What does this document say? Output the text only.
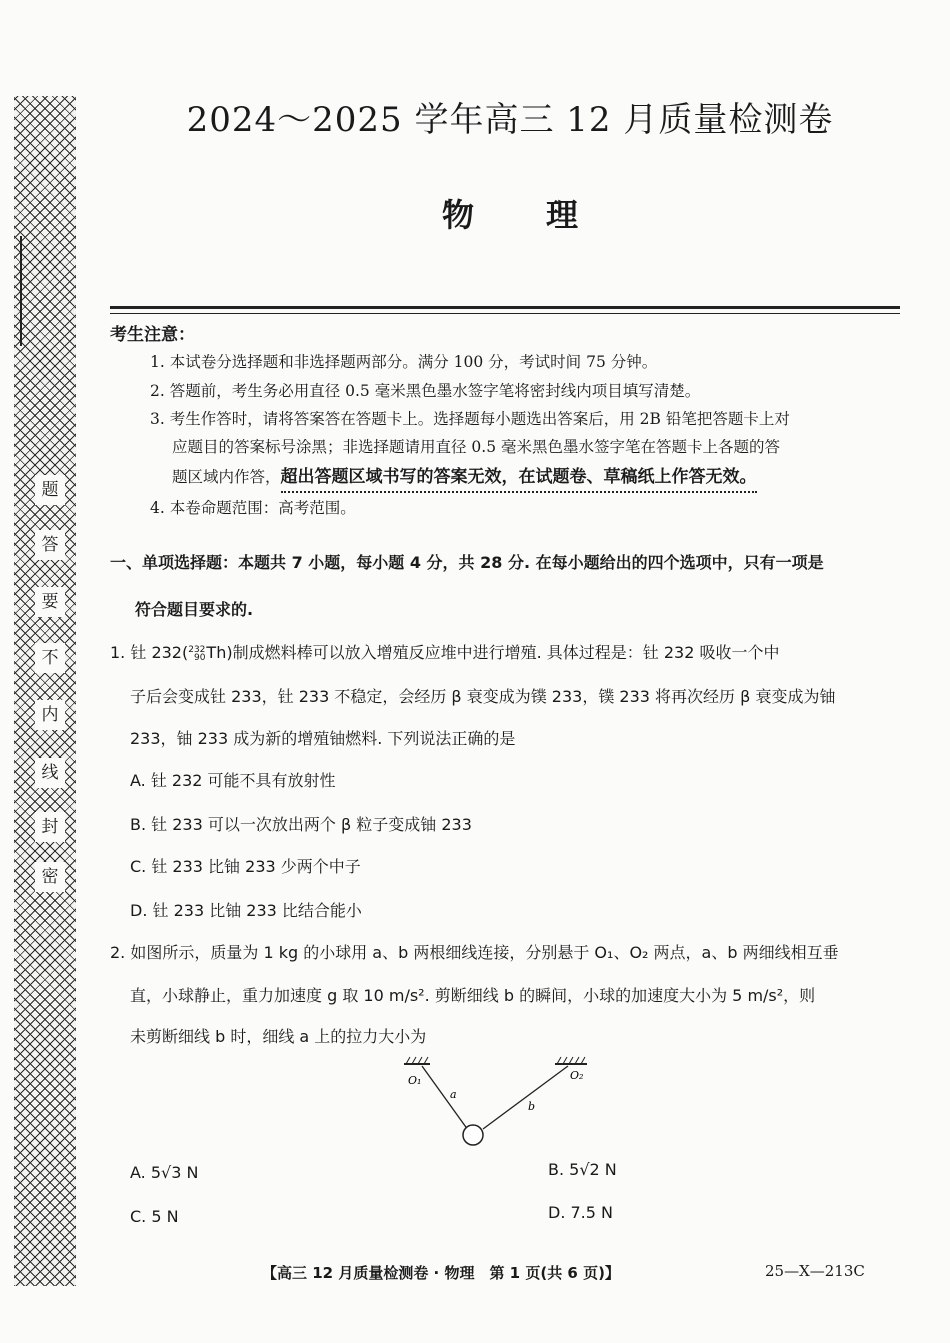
题
答
要
不
内
线
封
密
2024～2025 学年高三 12 月质量检测卷
物 理
考生注意：
1. 本试卷分选择题和非选择题两部分。满分 100 分，考试时间 75 分钟。
2. 答题前，考生务必用直径 0.5 毫米黑色墨水签字笔将密封线内项目填写清楚。
3. 考生作答时，请将答案答在答题卡上。选择题每小题选出答案后，用 2B 铅笔把答题卡上对
应题目的答案标号涂黑；非选择题请用直径 0.5 毫米黑色墨水签字笔在答题卡上各题的答
题区域内作答，超出答题区域书写的答案无效，在试题卷、草稿纸上作答无效。
4. 本卷命题范围：高考范围。
一、单项选择题：本题共 7 小题，每小题 4 分，共 28 分. 在每小题给出的四个选项中，只有一项是
符合题目要求的.
1. 钍 232( 232
90 Th)制成燃料棒可以放入增殖反应堆中进行增殖. 具体过程是：钍 232 吸收一个中
子后会变成钍 233，钍 233 不稳定，会经历 β 衰变成为镤 233，镤 233 将再次经历 β 衰变成为铀
233，铀 233 成为新的增殖铀燃料. 下列说法正确的是
A. 钍 232 可能不具有放射性
B. 钍 233 可以一次放出两个 β 粒子变成铀 233
C. 钍 233 比铀 233 少两个中子
D. 钍 233 比铀 233 比结合能小
2. 如图所示，质量为 1 kg 的小球用 a、b 两根细线连接，分别悬于 O₁、O₂ 两点，a、b 两细线相互垂
直，小球静止，重力加速度 g 取 10 m/s². 剪断细线 b 的瞬间，小球的加速度大小为 5 m/s²，则
未剪断细线 b 时，细线 a 上的拉力大小为
O₁	O₂
a
b
A. 5√3 N	B. 5√2 N
C. 5 N	D. 7.5 N
【高三 12 月质量检测卷 · 物理　第 1 页(共 6 页)】	25—X—213C
